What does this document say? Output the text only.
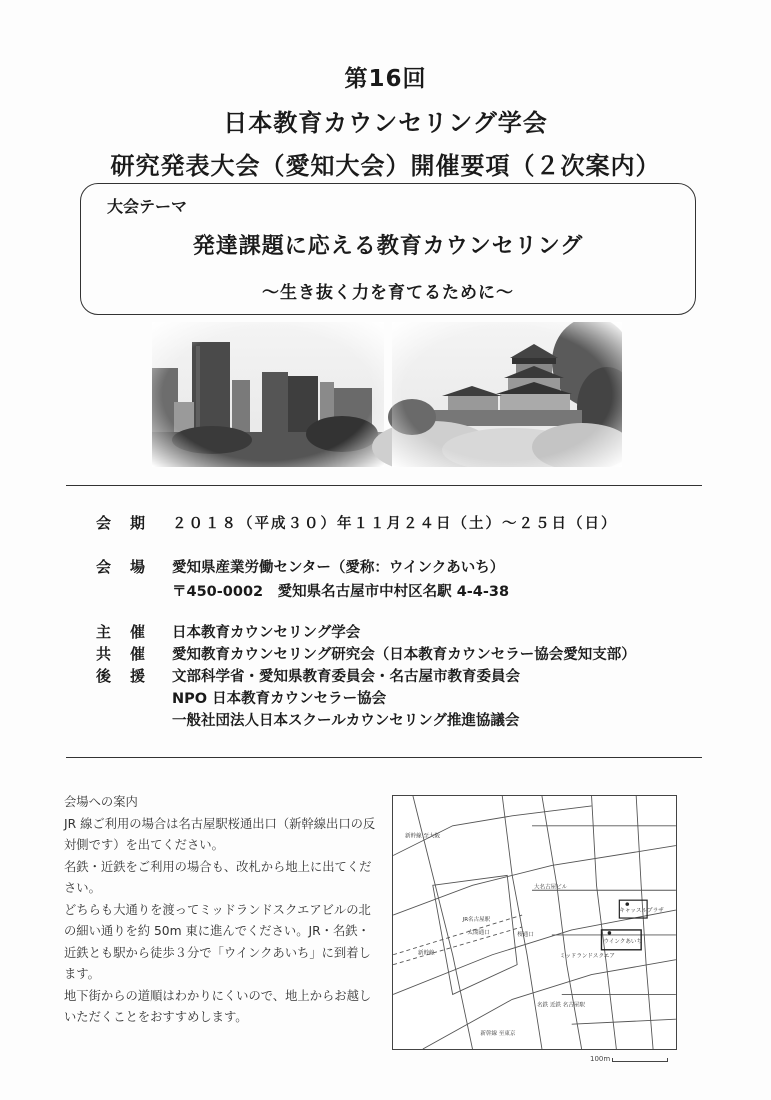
第16回
日本教育カウンセリング学会
研究発表大会（愛知大会）開催要項（２次案内）
大会テーマ
発達課題に応える教育カウンセリング
〜生き抜く力を育てるために〜
会　期 ２０１８（平成３０）年１１月２４日（土）〜２５日（日）
会　場 愛知県産業労働センター（愛称：ウインクあいち）
〒450-0002　愛知県名古屋市中村区名駅 4-4-38
主　催 日本教育カウンセリング学会
共　催 愛知教育カウンセリング研究会（日本教育カウンセラー協会愛知支部）
後　援 文部科学省・愛知県教育委員会・名古屋市教育委員会
NPO 日本教育カウンセラー協会
一般社団法人日本スクールカウンセリング推進協議会

会場への案内

JR 線ご利用の場合は名古屋駅桜通出口（新幹線出口の反対側です）を出てください。

名鉄・近鉄をご利用の場合も、改札から地上に出てください。

どちらも大通りを渡ってミッドランドスクエアビルの北の細い通りを約 50m 東に進んでください。JR・名鉄・近鉄とも駅から徒歩３分で「ウインクあいち」に到着します。

地下街からの道順はわかりにくいので、地上からお越しいただくことをおすすめします。

新幹線 至大阪
JR名古屋駅
太閤通口	桜通口
大名古屋ビル
キャッスルプラザ
ウインクあいち
ミッドランドスクエア
名鉄 近鉄 名古屋駅
新幹線
新幹線 至東京
100m
